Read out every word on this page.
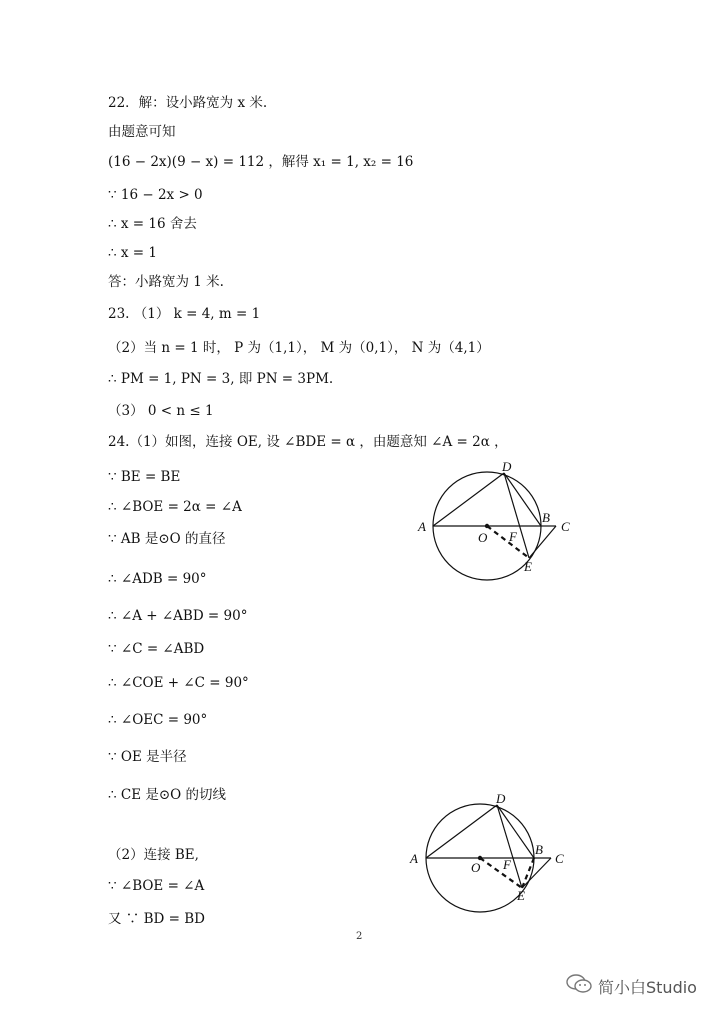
22．解：设小路宽为 x 米.
由题意可知
(16 − 2x)(9 − x) = 112 ，解得 x₁ = 1, x₂ = 16
∵ 16 − 2x > 0
∴ x = 16 舍去
∴ x = 1
答：小路宽为 1 米.
23. （1） k = 4, m = 1
（2）当 n = 1 时， P 为（1,1）， M 为（0,1）， N 为（4,1）
∴ PM = 1, PN = 3, 即 PN = 3PM.
（3） 0 < n ≤ 1
24.（1）如图，连接 OE, 设 ∠BDE = α ，由题意知 ∠A = 2α ，
∵ BE = BE
∴ ∠BOE = 2α = ∠A
∵ AB 是⊙O 的直径
∴ ∠ADB = 90°
∴ ∠A + ∠ABD = 90°
∵ ∠C = ∠ABD
∴ ∠COE + ∠C = 90°
∴ ∠OEC = 90°
∵ OE 是半径
∴ CE 是⊙O 的切线
（2）连接 BE,
∵ ∠BOE = ∠A
又 ∵ BD = BD
A
B
C
D
E
F
O
A
B
C
D
E
F
O
2
简小白Studio
